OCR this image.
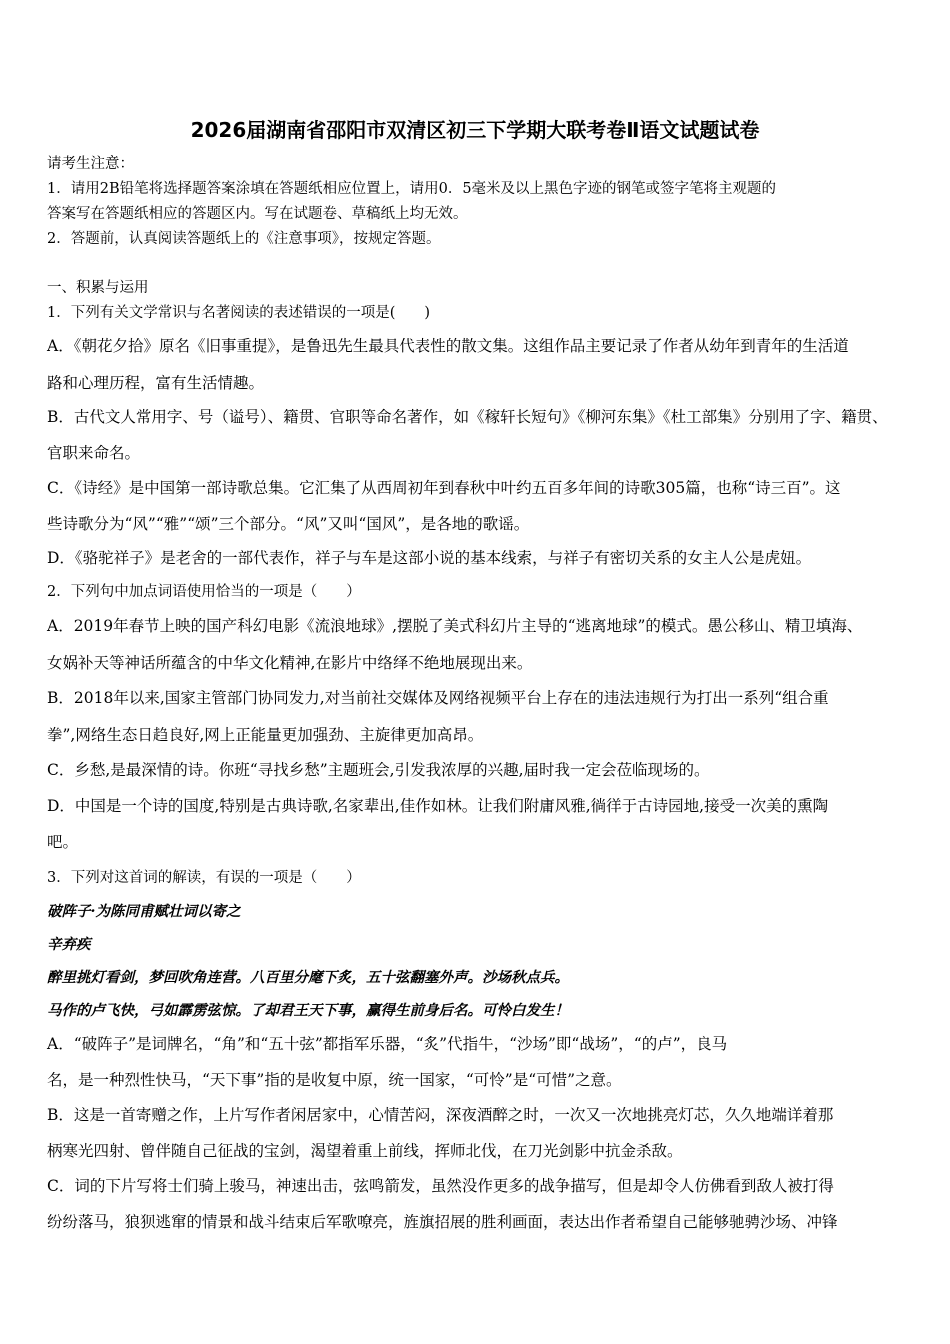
2026届湖南省邵阳市双清区初三下学期大联考卷Ⅱ语文试题试卷
请考生注意：
1．请用2B铅笔将选择题答案涂填在答题纸相应位置上，请用0．5毫米及以上黑色字迹的钢笔或签字笔将主观题的
答案写在答题纸相应的答题区内。写在试题卷、草稿纸上均无效。
2．答题前，认真阅读答题纸上的《注意事项》，按规定答题。
一、积累与运用
1．下列有关文学常识与名著阅读的表述错误的一项是(　　)
A．《朝花夕拾》原名《旧事重提》，是鲁迅先生最具代表性的散文集。这组作品主要记录了作者从幼年到青年的生活道
路和心理历程，富有生活情趣。
B．古代文人常用字、号（谥号）、籍贯、官职等命名著作，如《稼轩长短句》《柳河东集》《杜工部集》分别用了字、籍贯、
官职来命名。
C．《诗经》是中国第一部诗歌总集。它汇集了从西周初年到春秋中叶约五百多年间的诗歌305篇，也称“诗三百”。这
些诗歌分为“风”“雅”“颂”三个部分。“风”又叫“国风”，是各地的歌谣。
D．《骆驼祥子》是老舍的一部代表作，祥子与车是这部小说的基本线索，与祥子有密切关系的女主人公是虎妞。
2．下列句中加点词语使用恰当的一项是（　　）
A．2019年春节上映的国产科幻电影《流浪地球》,摆脱了美式科幻片主导的“逃离地球”的模式。愚公移山、精卫填海、
女娲补天等神话所蕴含的中华文化精神,在影片中络绎不绝地展现出来。
B．2018年以来,国家主管部门协同发力,对当前社交媒体及网络视频平台上存在的违法违规行为打出一系列“组合重
拳”,网络生态日趋良好,网上正能量更加强劲、主旋律更加高昂。
C．乡愁,是最深情的诗。你班“寻找乡愁”主题班会,引发我浓厚的兴趣,届时我一定会莅临现场的。
D．中国是一个诗的国度,特别是古典诗歌,名家辈出,佳作如林。让我们附庸风雅,徜徉于古诗园地,接受一次美的熏陶
吧。
3．下列对这首词的解读，有误的一项是（　　）
破阵子·为陈同甫赋壮词以寄之
辛弃疾
醉里挑灯看剑，梦回吹角连营。八百里分麾下炙，五十弦翻塞外声。沙场秋点兵。
马作的卢飞快，弓如霹雳弦惊。了却君王天下事，赢得生前身后名。可怜白发生！
A．“破阵子”是词牌名，“角”和“五十弦”都指军乐器，“炙”代指牛，“沙场”即“战场”，“的卢”，良马
名，是一种烈性快马，“天下事”指的是收复中原，统一国家，“可怜”是“可惜”之意。
B．这是一首寄赠之作，上片写作者闲居家中，心情苦闷，深夜酒醉之时，一次又一次地挑亮灯芯，久久地端详着那
柄寒光四射、曾伴随自己征战的宝剑，渴望着重上前线，挥师北伐，在刀光剑影中抗金杀敌。
C．词的下片写将士们骑上骏马，神速出击，弦鸣箭发，虽然没作更多的战争描写，但是却令人仿佛看到敌人被打得
纷纷落马，狼狈逃窜的情景和战斗结束后军歌嘹亮，旌旗招展的胜利画面，表达出作者希望自己能够驰骋沙场、冲锋
